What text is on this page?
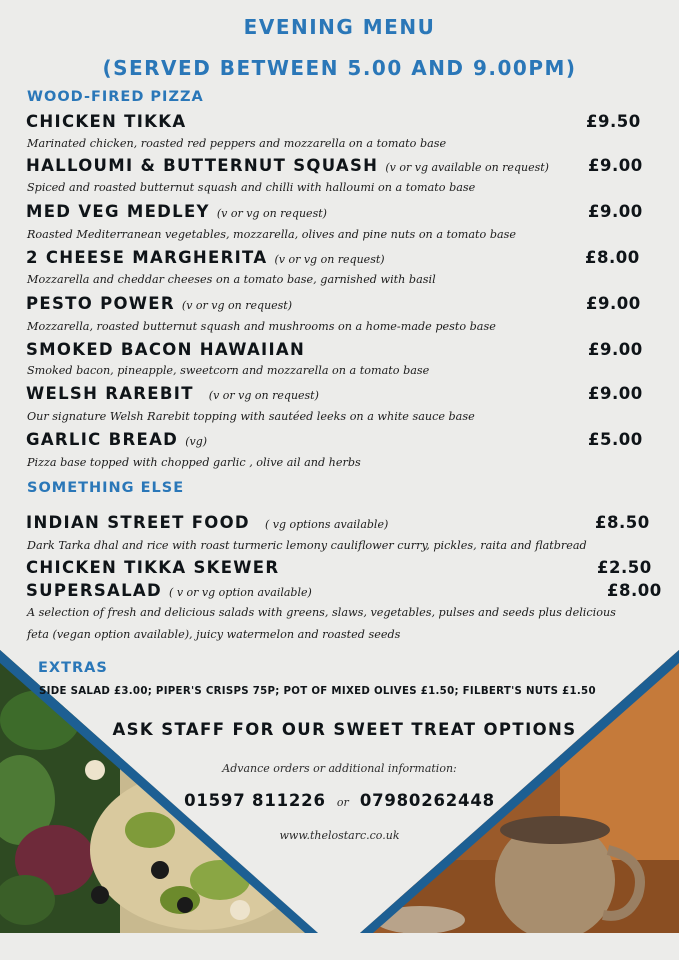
EVENING MENU
(SERVED BETWEEN 5.00 AND 9.00PM)
WOOD-FIRED PIZZA
CHICKEN TIKKA	£9.50
Marinated chicken, roasted red peppers and mozzarella on a tomato base
HALLOUMI & BUTTERNUT SQUASH (v or vg available on request) £9.00
Spiced and roasted butternut squash and chilli with halloumi on a tomato base
MED VEG MEDLEY (v or vg on request)	£9.00
Roasted Mediterranean vegetables, mozzarella, olives and pine nuts on a tomato base
2 CHEESE MARGHERITA (v or vg on request)	£8.00
Mozzarella and cheddar cheeses on a tomato base, garnished with basil
PESTO POWER (v or vg on request)	£9.00
Mozzarella, roasted butternut squash and mushrooms on a home-made pesto base
SMOKED BACON HAWAIIAN	£9.00
Smoked bacon, pineapple, sweetcorn and mozzarella on a tomato base
WELSH RAREBIT (v or vg on request)	£9.00
Our signature Welsh Rarebit topping with sautéed leeks on a white sauce base
GARLIC BREAD (vg)	£5.00
Pizza base topped with chopped garlic , olive ail and herbs
SOMETHING ELSE
INDIAN STREET FOOD ( vg options available)	£8.50
Dark Tarka dhal and rice with roast turmeric lemony cauliflower curry, pickles, raita and flatbread
CHICKEN TIKKA SKEWER	£2.50
SUPERSALAD ( v or vg option available)	£8.00
A selection of fresh and delicious salads with greens, slaws, vegetables, pulses and seeds plus delicious
feta (vegan option available), juicy watermelon and roasted seeds
EXTRAS
SIDE SALAD £3.00; PIPER'S CRISPS 75P; POT OF MIXED OLIVES £1.50; FILBERT'S NUTS £1.50
ASK STAFF FOR OUR SWEET TREAT OPTIONS
Advance orders or additional information:
01597 811226 or 07980262448
www.thelostarc.co.uk
